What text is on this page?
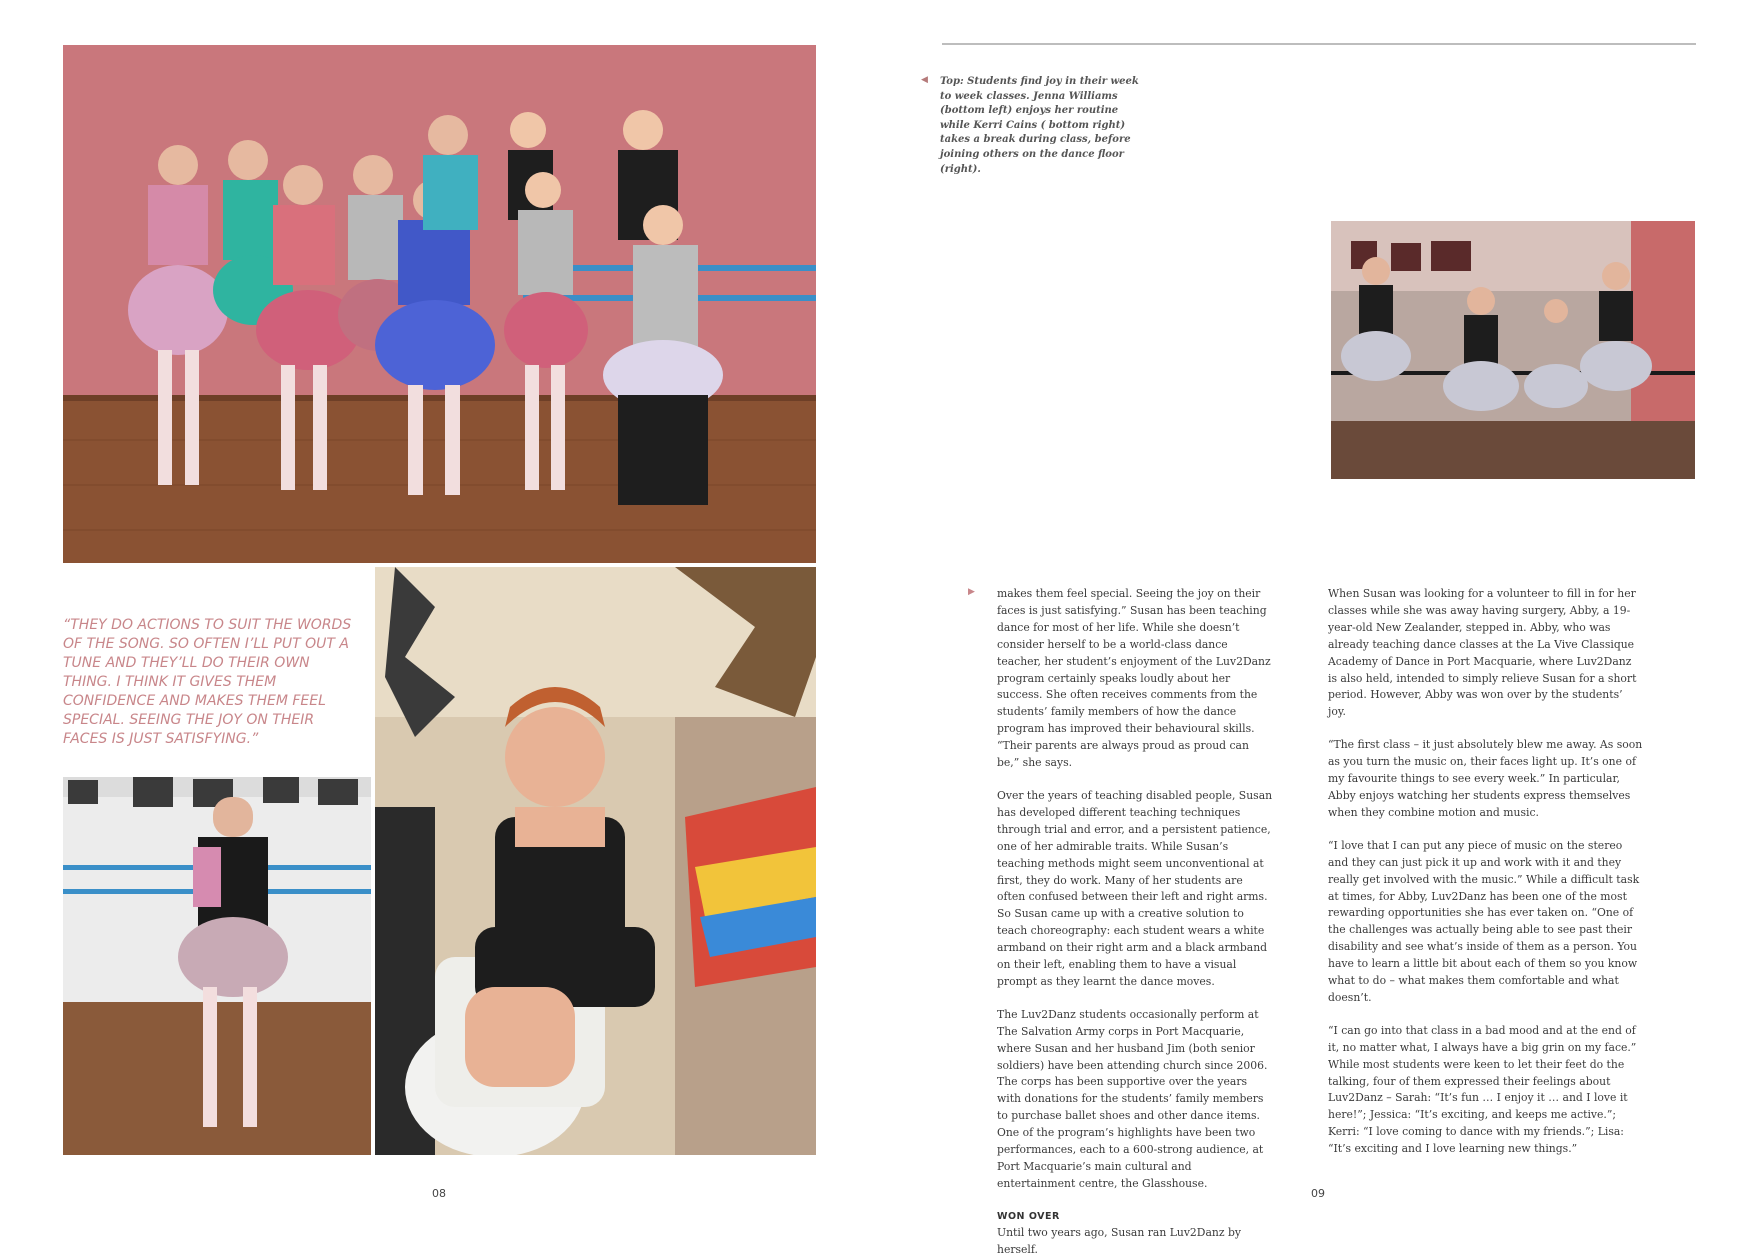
“THEY DO ACTIONS TO SUIT THE WORDS OF THE SONG. SO OFTEN I’LL PUT OUT A TUNE AND THEY’LL DO THEIR OWN THING. I THINK IT GIVES THEM CONFIDENCE AND MAKES THEM FEEL SPECIAL. SEEING THE JOY ON THEIR FACES IS JUST SATISFYING.”
08
◀ Top: Students find joy in their week to week classes. Jenna Williams (bottom left) enjoys her routine while Kerri Cains ( bottom right) takes a break during class, before joining others on the dance floor (right).
▶ makes them feel special. Seeing the joy on their faces is just satisfying.” Susan has been teaching dance for most of her life. While she doesn’t consider herself to be a world-class dance teacher, her student’s enjoyment of the Luv2Danz program certainly speaks loudly about her success. She often receives comments from the students’ family members of how the dance program has improved their behavioural skills. “Their parents are always proud as proud can be,” she says.

Over the years of teaching disabled people, Susan has developed different teaching techniques through trial and error, and a persistent patience, one of her admirable traits. While Susan’s teaching methods might seem unconventional at first, they do work. Many of her students are often confused between their left and right arms. So Susan came up with a creative solution to teach choreography: each student wears a white armband on their right arm and a black armband on their left, enabling them to have a visual prompt as they learnt the dance moves.

The Luv2Danz students occasionally perform at The Salvation Army corps in Port Macquarie, where Susan and her husband Jim (both senior soldiers) have been attending church since 2006. The corps has been supportive over the years with donations for the students’ family members to purchase ballet shoes and other dance items. One of the program’s highlights have been two performances, each to a 600-strong audience, at Port Macquarie’s main cultural and entertainment centre, the Glasshouse.

WON OVER

Until two years ago, Susan ran Luv2Danz by herself.

When Susan was looking for a volunteer to fill in for her classes while she was away having surgery, Abby, a 19-year-old New Zealander, stepped in. Abby, who was already teaching dance classes at the La Vive Classique Academy of Dance in Port Macquarie, where Luv2Danz is also held, intended to simply relieve Susan for a short period. However, Abby was won over by the students’ joy.

“The first class – it just absolutely blew me away. As soon as you turn the music on, their faces light up. It’s one of my favourite things to see every week.” In particular, Abby enjoys watching her students express themselves when they combine motion and music.

“I love that I can put any piece of music on the stereo and they can just pick it up and work with it and they really get involved with the music.” While a difficult task at times, for Abby, Luv2Danz has been one of the most rewarding opportunities she has ever taken on. “One of the challenges was actually being able to see past their disability and see what’s inside of them as a person. You have to learn a little bit about each of them so you know what to do – what makes them comfortable and what doesn’t.

“I can go into that class in a bad mood and at the end of it, no matter what, I always have a big grin on my face.” While most students were keen to let their feet do the talking, four of them expressed their feelings about Luv2Danz – Sarah: “It’s fun … I enjoy it … and I love it here!”; Jessica: “It’s exciting, and keeps me active.”; Kerri: “I love coming to dance with my friends.”; Lisa: “It’s exciting and I love learning new things.”

09
